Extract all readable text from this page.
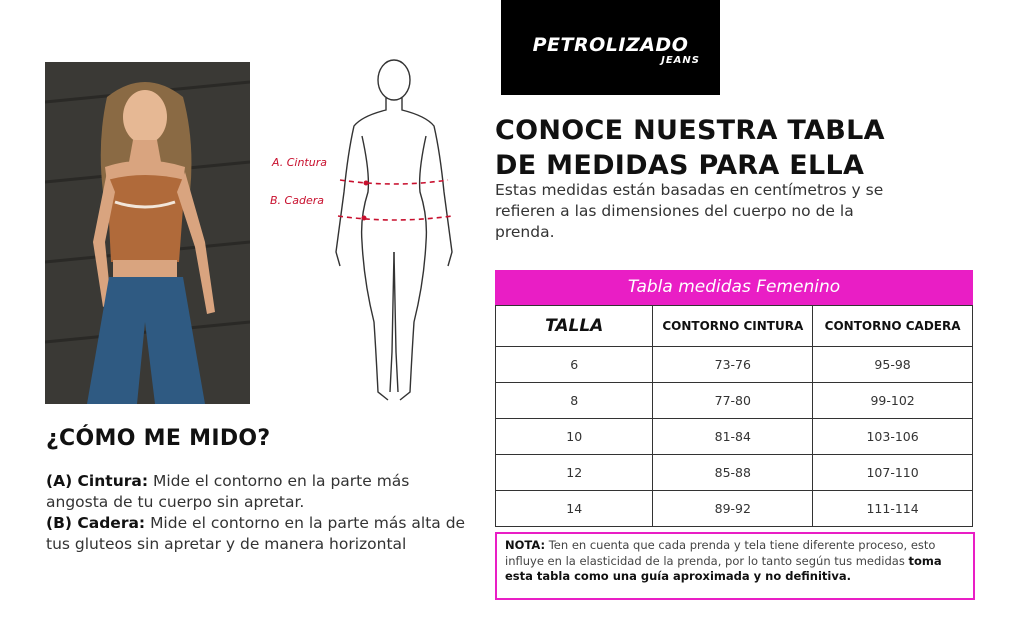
A. Cintura
B. Cadera
PETROLIZADO
JEANS
CONOCE NUESTRA TABLA
DE MEDIDAS PARA ELLA

Estas medidas están basadas en centímetros y se refieren a las dimensiones del cuerpo no de la prenda.

Tabla medidas Femenino
TALLA	CONTORNO CINTURA	CONTORNO CADERA
6	73-76	95-98
8	77-80	99-102
10	81-84	103-106
12	85-88	107-110
14	89-92	111-114
¿CÓMO ME MIDO?

(A) Cintura: Mide el contorno en la parte más angosta de tu cuerpo sin apretar.
(B) Cadera: Mide el contorno en la parte más alta de tus gluteos sin apretar y de manera horizontal	NOTA: Ten en cuenta que cada prenda y tela tiene diferente proceso, esto influye en la elasticidad de la prenda, por lo tanto según tus medidas toma esta tabla como una guía aproximada y no definitiva.
